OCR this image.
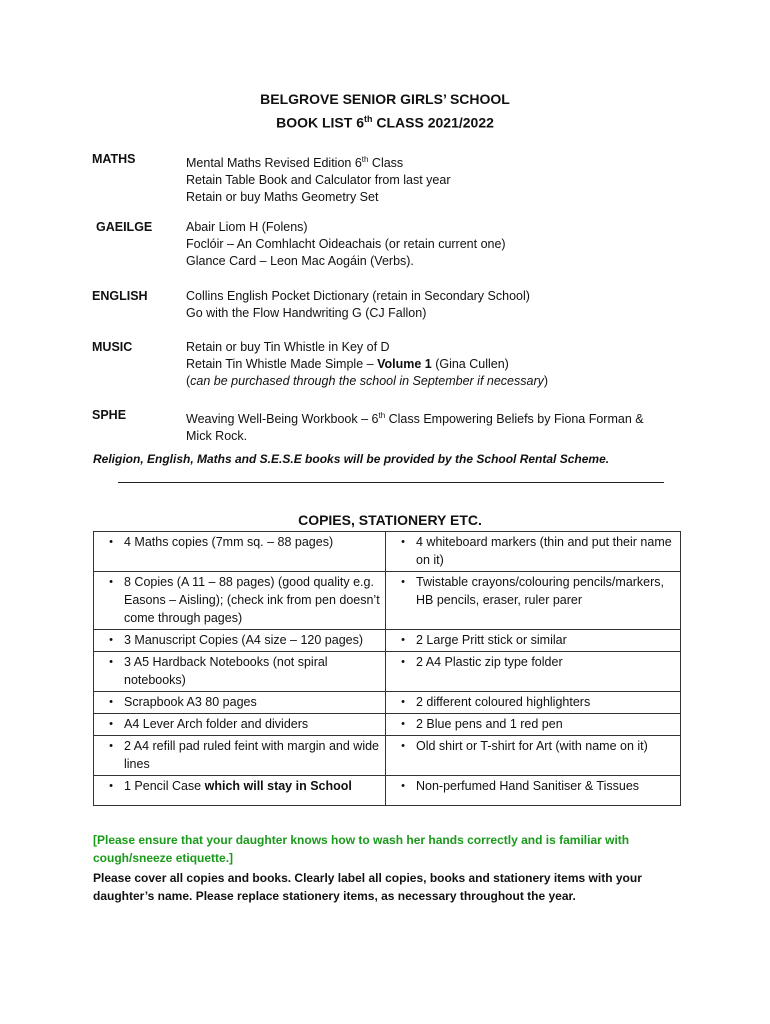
BELGROVE SENIOR GIRLS’ SCHOOL
BOOK LIST 6th CLASS 2021/2022
MATHS	Mental Maths Revised Edition 6th Class
Retain Table Book and Calculator from last year
Retain or buy Maths Geometry Set
GAEILGE	Abair Liom H (Folens)
Foclóir – An Comhlacht Oideachais (or retain current one)
Glance Card – Leon Mac Aogáin (Verbs).
ENGLISH	Collins English Pocket Dictionary (retain in Secondary School)
Go with the Flow Handwriting G (CJ Fallon)
MUSIC	Retain or buy Tin Whistle in Key of D
Retain Tin Whistle Made Simple – Volume 1 (Gina Cullen)
(can be purchased through the school in September if necessary)
SPHE	Weaving Well-Being Workbook – 6th Class Empowering Beliefs by Fiona Forman &
Mick Rock.
Religion, English, Maths and S.E.S.E books will be provided by the School Rental Scheme.
COPIES, STATIONERY ETC.
• 4 Maths copies (7mm sq. – 88 pages)	• 4 whiteboard markers (thin and put their name on it)

• 8 Copies (A 11 – 88 pages) (good quality e.g. Easons – Aisling); (check ink from pen doesn’t come through pages)	• Twistable crayons/colouring pencils/markers, HB pencils, eraser, ruler parer

• 3 Manuscript Copies (A4 size – 120 pages)	• 2 Large Pritt stick or similar

• 3 A5 Hardback Notebooks (not spiral notebooks)	• 2 A4 Plastic zip type folder

• Scrapbook A3 80 pages	• 2 different coloured highlighters

• A4 Lever Arch folder and dividers	• 2 Blue pens and 1 red pen

• 2 A4 refill pad ruled feint with margin and wide lines	• Old shirt or T-shirt for Art (with name on it)

• 1 Pencil Case which will stay in School	• Non-perfumed Hand Sanitiser & Tissues
[Please ensure that your daughter knows how to wash her hands correctly and is familiar with cough/sneeze etiquette.]
Please cover all copies and books. Clearly label all copies, books and stationery items with your daughter’s name. Please replace stationery items, as necessary throughout the year.
